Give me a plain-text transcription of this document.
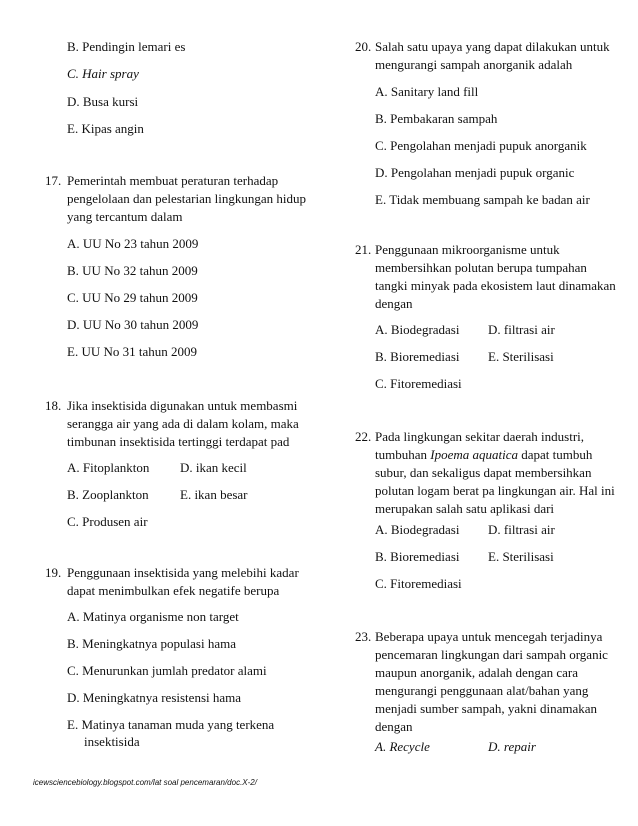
B. Pendingin lemari es
C. Hair spray
D. Busa kursi
E. Kipas angin
17. Pemerintah membuat peraturan terhadap
pengelolaan dan pelestarian lingkungan hidup
yang tercantum dalam
A. UU No 23 tahun 2009
B. UU No 32 tahun 2009
C. UU No 29 tahun 2009
D. UU No 30 tahun 2009
E. UU No 31 tahun 2009
18. Jika insektisida digunakan untuk membasmi
serangga air yang ada di dalam kolam, maka
timbunan insektisida tertinggi terdapat pad
A. Fitoplankton D. ikan kecil
B. Zooplankton E. ikan besar
C. Produsen air
19. Penggunaan insektisida yang melebihi kadar
dapat menimbulkan efek negatife berupa
A. Matinya organisme non target
B. Meningkatnya populasi hama
C. Menurunkan jumlah predator alami
D. Meningkatnya resistensi hama
E. Matinya tanaman muda yang terkena
insektisida
20. Salah satu upaya yang dapat dilakukan untuk
mengurangi sampah anorganik adalah
A. Sanitary land fill
B. Pembakaran sampah
C. Pengolahan menjadi pupuk anorganik
D. Pengolahan menjadi pupuk organic
E. Tidak membuang sampah ke badan air
21. Penggunaan mikroorganisme untuk
membersihkan polutan berupa tumpahan
tangki minyak pada ekosistem laut dinamakan
dengan
A. Biodegradasi D. filtrasi air
B. Bioremediasi E. Sterilisasi
C. Fitoremediasi
22. Pada lingkungan sekitar daerah industri,
tumbuhan Ipoema aquatica dapat tumbuh
subur, dan sekaligus dapat membersihkan
polutan logam berat pa lingkungan air. Hal ini
merupakan salah satu aplikasi dari
A. Biodegradasi D. filtrasi air
B. Bioremediasi E. Sterilisasi
C. Fitoremediasi
23. Beberapa upaya untuk mencegah terjadinya
pencemaran lingkungan dari sampah organic
maupun anorganik, adalah dengan cara
mengurangi penggunaan alat/bahan yang
menjadi sumber sampah, yakni dinamakan
dengan
A. Recycle	D. repair
icewsciencebiology.blogspot.com/lat soal pencemaran/doc.X-2/
